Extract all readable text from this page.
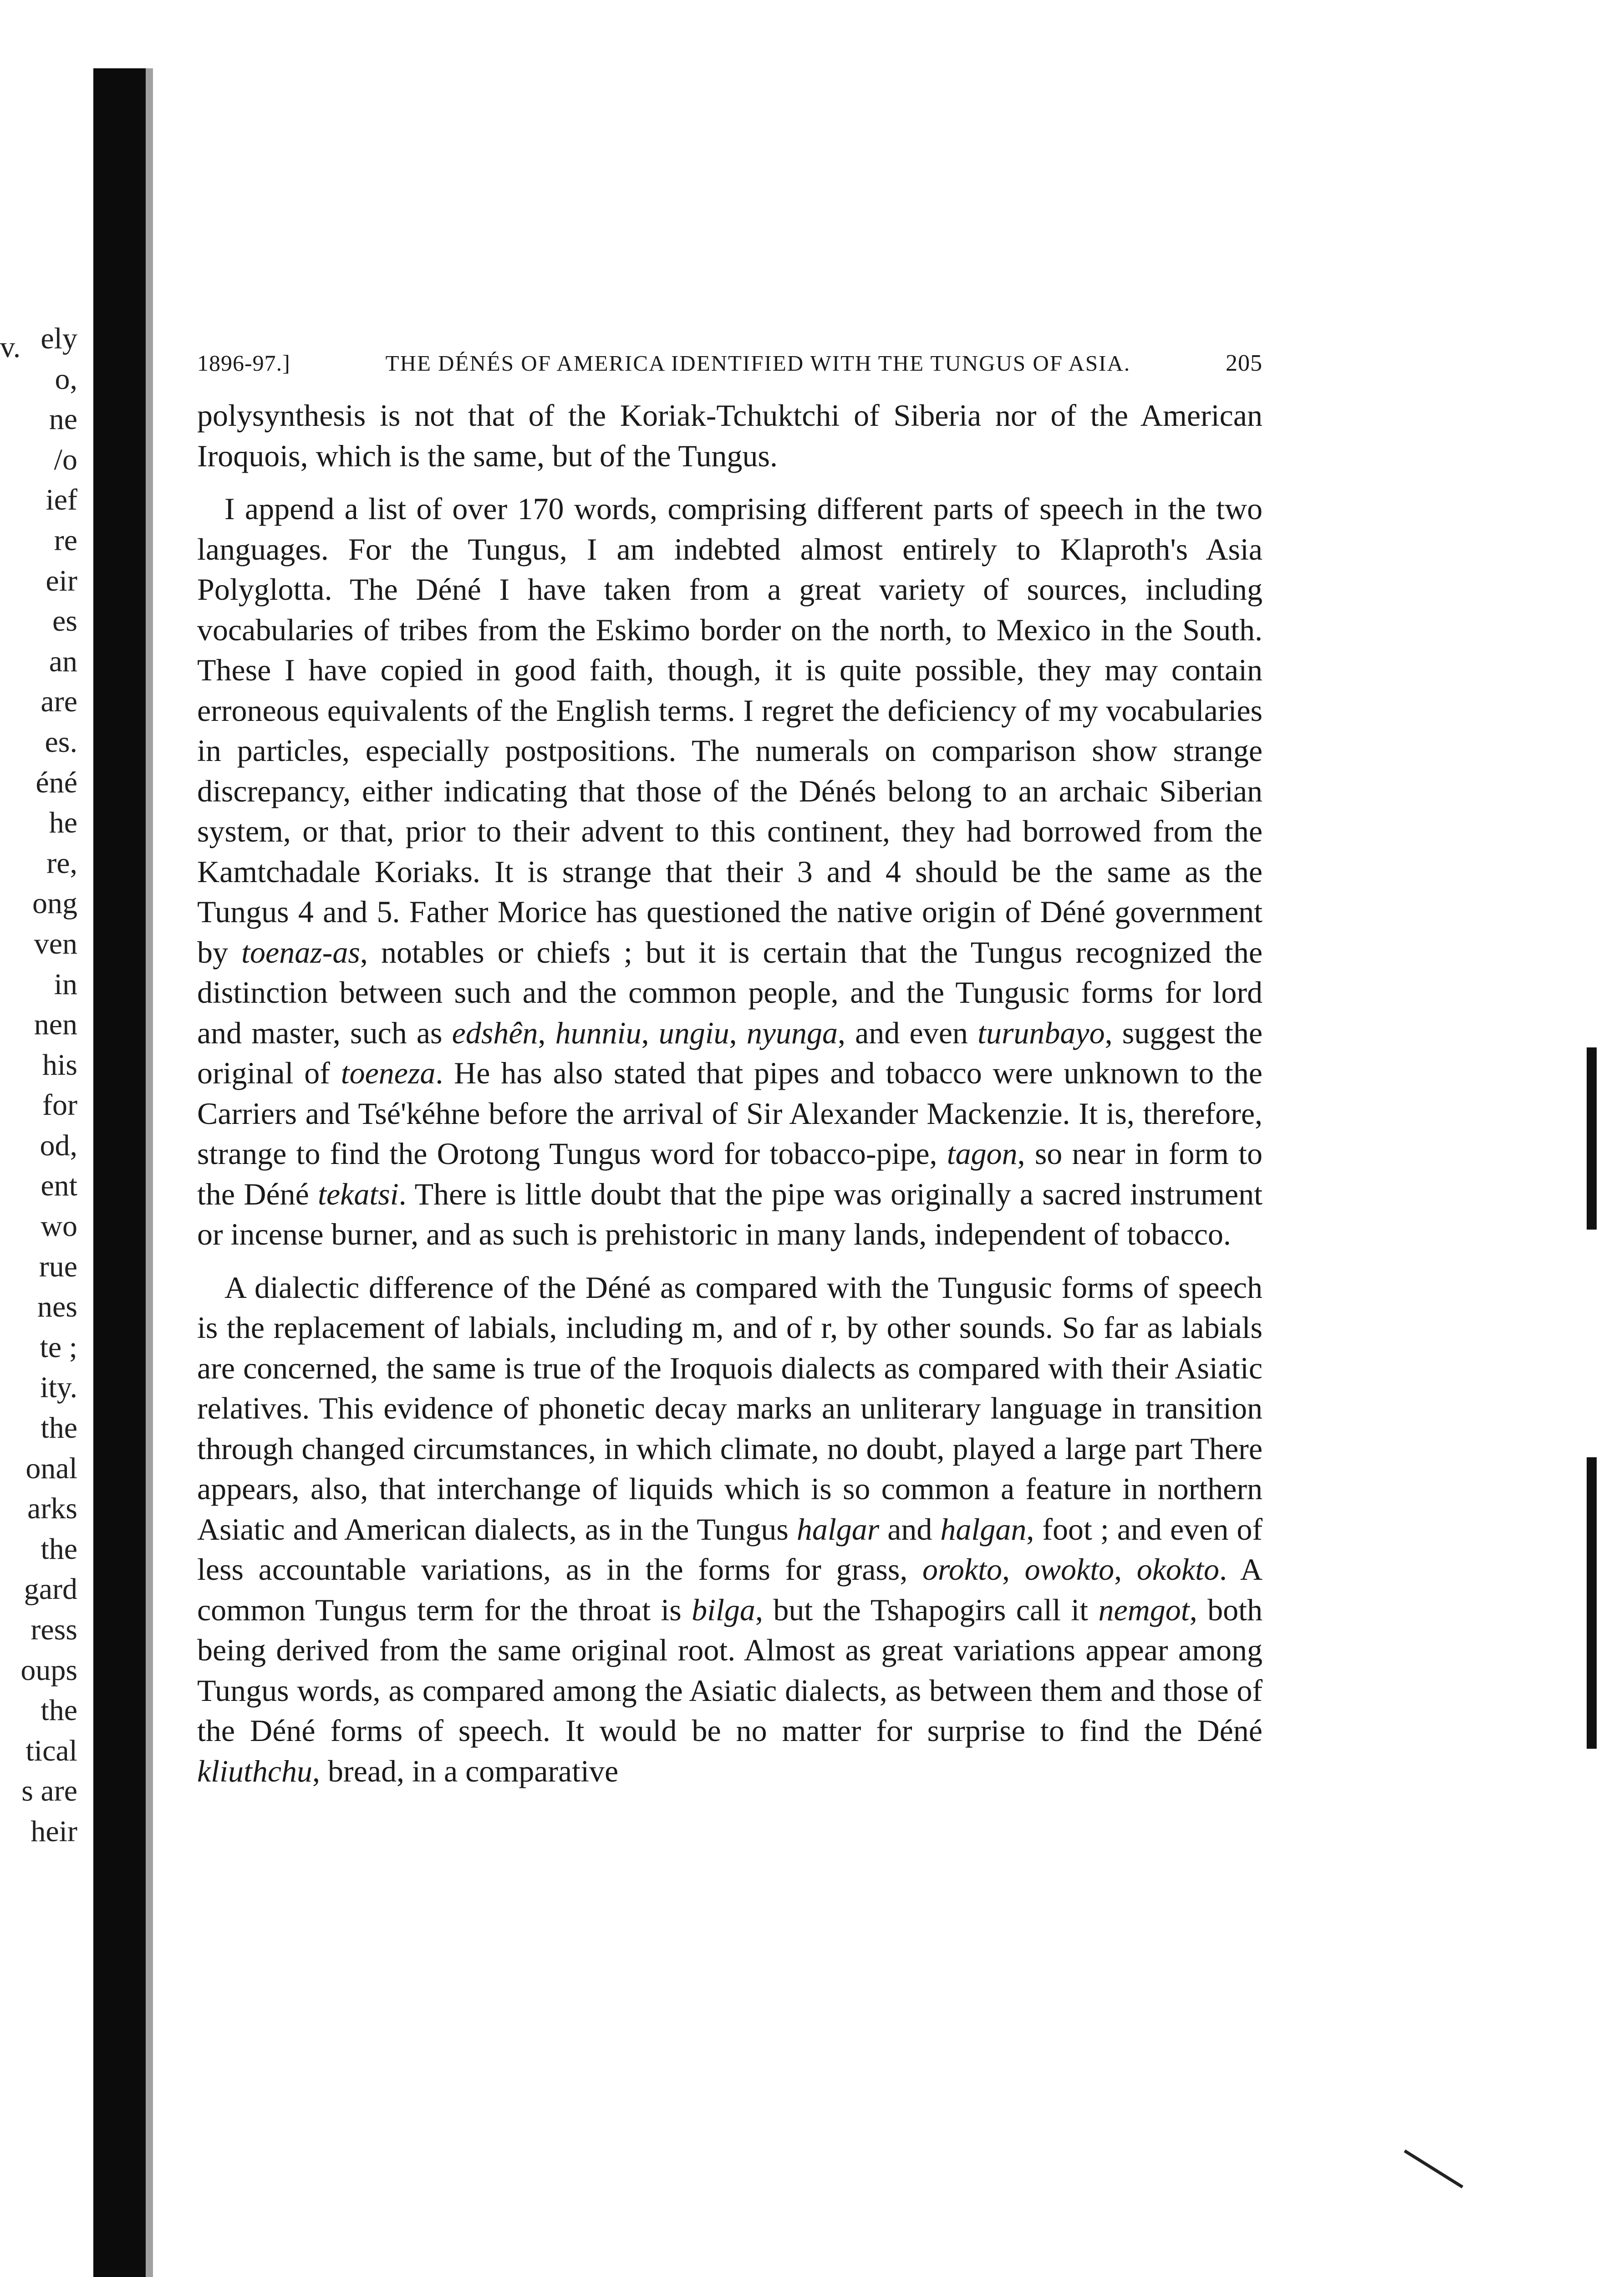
v. ely
o,
ne
/o
ief
re
eir
es
an
are
es.
éné
he
re,
ong
ven
in
nen
his
for
od,
ent
wo
rue
nes
te ;
ity.
the
onal
arks
the
gard
ress
oups
the
tical
s are
heir
1896-97.]	THE DÉNÉS OF AMERICA IDENTIFIED WITH THE TUNGUS OF ASIA.	205

polysynthesis is not that of the Koriak-Tchuktchi of Siberia nor of the American Iroquois, which is the same, but of the Tungus.

I append a list of over 170 words, comprising different parts of speech in the two languages. For the Tungus, I am indebted almost entirely to Klaproth's Asia Polyglotta. The Déné I have taken from a great variety of sources, including vocabularies of tribes from the Eskimo border on the north, to Mexico in the South. These I have copied in good faith, though, it is quite possible, they may contain erroneous equivalents of the English terms. I regret the deficiency of my vocabularies in particles, especially postpositions. The numerals on comparison show strange discrepancy, either indicating that those of the Dénés belong to an archaic Siberian system, or that, prior to their advent to this continent, they had borrowed from the Kamtchadale Koriaks. It is strange that their 3 and 4 should be the same as the Tungus 4 and 5. Father Morice has questioned the native origin of Déné government by toenaz-as, notables or chiefs ; but it is certain that the Tungus recognized the distinction between such and the common people, and the Tungusic forms for lord and master, such as edshên, hunniu, ungiu, nyunga, and even turunbayo, suggest the original of toeneza. He has also stated that pipes and tobacco were unknown to the Carriers and Tsé'kéhne before the arrival of Sir Alexander Mackenzie. It is, therefore, strange to find the Orotong Tungus word for tobacco-pipe, tagon, so near in form to the Déné tekatsi. There is little doubt that the pipe was originally a sacred instrument or incense burner, and as such is prehistoric in many lands, independent of tobacco.

A dialectic difference of the Déné as compared with the Tungusic forms of speech is the replacement of labials, including m, and of r, by other sounds. So far as labials are concerned, the same is true of the Iroquois dialects as compared with their Asiatic relatives. This evidence of phonetic decay marks an unliterary language in transition through changed circumstances, in which climate, no doubt, played a large part There appears, also, that interchange of liquids which is so common a feature in northern Asiatic and American dialects, as in the Tungus halgar and halgan, foot ; and even of less accountable variations, as in the forms for grass, orokto, owokto, okokto. A common Tungus term for the throat is bilga, but the Tshapogirs call it nemgot, both being derived from the same original root. Almost as great variations appear among Tungus words, as compared among the Asiatic dialects, as between them and those of the Déné forms of speech. It would be no matter for surprise to find the Déné kliuthchu, bread, in a comparative
